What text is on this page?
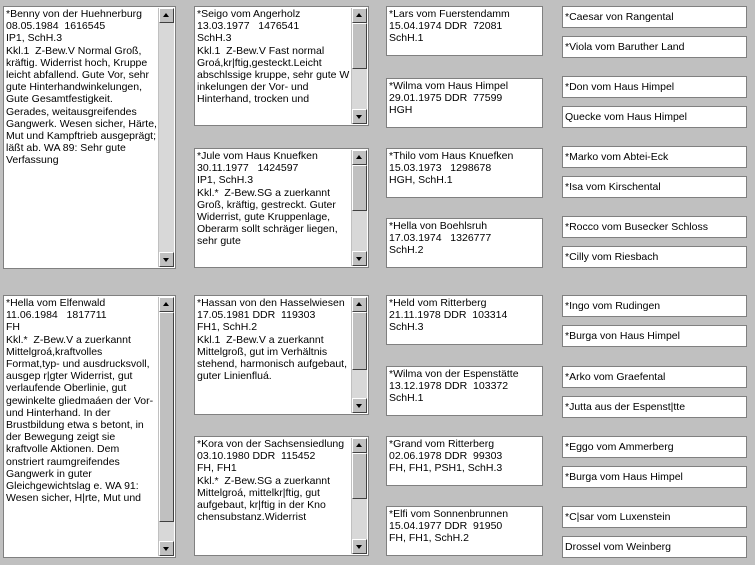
*Benny von der Huehnerburg
08.05.1984  1616545
IP1, SchH.3
Kkl.1  Z-Bew.V Normal Groß, kräftig. Widerrist hoch, Kruppe leicht abfallend. Gute Vor, sehr gute Hinterhandwinkelungen, Gute Gesamtfestigkeit. Gerades, weitausgreifendes Gangwerk. Wesen sicher, Härte, Mut und Kampftrieb ausgeprägt; läßt ab. WA 89: Sehr gute Verfassung
*Seigo vom Angerholz
13.03.1977   1476541
SchH.3
Kkl.1  Z-Bew.V Fast normal Groá,kr|ftig,gesteckt.Leicht abschlssige kruppe, sehr gute W inkelungen der Vor- und Hinterhand, trocken und
*Jule vom Haus Knuefken
30.11.1977   1424597
IP1, SchH.3
Kkl.*  Z-Bew.SG a zuerkannt Groß, kräftig, gestreckt. Guter Widerrist, gute Kruppenlage, Oberarm sollt schräger liegen, sehr gute
*Lars vom Fuerstendamm
15.04.1974 DDR  72081
SchH.1
*Wilma vom Haus Himpel
29.01.1975 DDR  77599
HGH
*Thilo vom Haus Knuefken
15.03.1973   1298678
HGH, SchH.1
*Hella von Boehlsruh
17.03.1974   1326777
SchH.2
*Caesar von Rangental
*Viola vom Baruther Land
*Don vom Haus Himpel
Quecke vom Haus Himpel
*Marko vom Abtei-Eck
*Isa vom Kirschental
*Rocco vom Busecker Schloss
*Cilly vom Riesbach
*Hella vom Elfenwald
11.06.1984   1817711
FH
Kkl.*  Z-Bew.V a zuerkannt Mittelgroá,kraftvolles Format,typ- und ausdrucksvoll, ausgep r|gter Widerrist, gut verlaufende Oberlinie, gut gewinkelte gliedmaáen der Vor- und Hinterhand. In der Brustbildung etwa s betont, in der Bewegung zeigt sie kraftvolle Aktionen. Dem onstriert raumgreifendes Gangwerk in guter Gleichgewichtslag e. WA 91: Wesen sicher, H|rte, Mut und
*Hassan von den Hasselwiesen
17.05.1981 DDR  119303
FH1, SchH.2
Kkl.1  Z-Bew.V a zuerkannt Mittelgroß, gut im Verhältnis stehend, harmonisch aufgebaut, guter Linienfluá.
*Kora von der Sachsensiedlung
03.10.1980 DDR  115452
FH, FH1
Kkl.*  Z-Bew.SG a zuerkannt Mittelgroá, mittelkr|ftig, gut aufgebaut, kr|ftig in der Kno chensubstanz.Widerrist
*Held vom Ritterberg
21.11.1978 DDR  103314
SchH.3
*Wilma von der Espenstätte
13.12.1978 DDR  103372
SchH.1
*Grand vom Ritterberg
02.06.1978 DDR  99303
FH, FH1, PSH1, SchH.3
*Elfi vom Sonnenbrunnen
15.04.1977 DDR  91950
FH, FH1, SchH.2
*Ingo vom Rudingen
*Burga von Haus Himpel
*Arko vom Graefental
*Jutta aus der Espenst|tte
*Eggo vom Ammerberg
*Burga vom Haus Himpel
*C|sar vom Luxenstein
Drossel vom Weinberg
